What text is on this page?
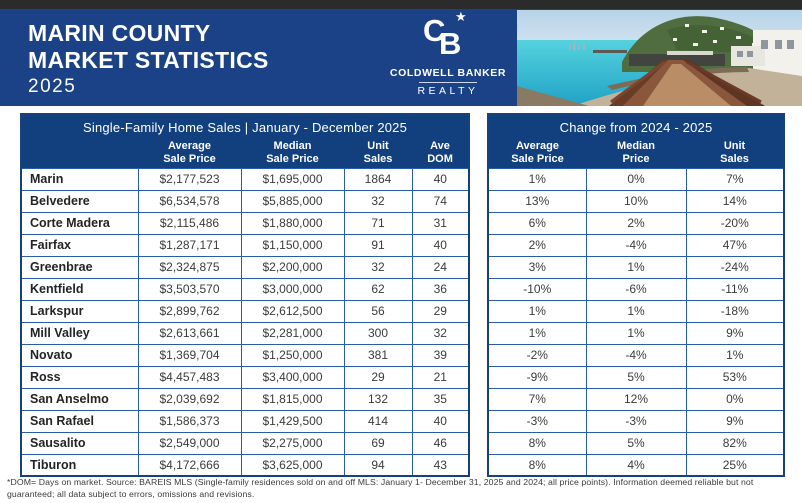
MARIN COUNTY
MARKET STATISTICS
2025
C
B
★
COLDWELL BANKER
REALTY
Single-Family Home Sales | January - December 2025				

Average
Sale Price

Median
Sale Price

Unit
Sales

Ave
DOM

Marin	$2,177,523	$1,695,000	1864	40
Belvedere	$6,534,578	$5,885,000	32	74
Corte Madera	$2,115,486	$1,880,000	71	31
Fairfax	$1,287,171	$1,150,000	91	40
Greenbrae	$2,324,875	$2,200,000	32	24
Kentfield	$3,503,570	$3,000,000	62	36
Larkspur	$2,899,762	$2,612,500	56	29
Mill Valley	$2,613,661	$2,281,000	300	32
Novato	$1,369,704	$1,250,000	381	39
Ross	$4,457,483	$3,400,000	29	21
San Anselmo	$2,039,692	$1,815,000	132	35
San Rafael	$1,586,373	$1,429,500	414	40
Sausalito	$2,549,000	$2,275,000	69	46
Tiburon	$4,172,666	$3,625,000	94	43
Change from 2024 - 2025		

Average
Sale Price

Median
Price

Unit
Sales

1%	0%	7%
13%	10%	14%
6%	2%	-20%
2%	-4%	47%
3%	1%	-24%
-10%	-6%	-11%
1%	1%	-18%
1%	1%	9%
-2%	-4%	1%
-9%	5%	53%
7%	12%	0%
-3%	-3%	9%
8%	5%	82%
8%	4%	25%
*DOM= Days on market. Source: BAREIS MLS (Single-family residences sold on and off MLS: January 1- December 31, 2025 and 2024; all price points). Information deemed reliable but not guaranteed; all data subject to errors, omissions and revisions.
